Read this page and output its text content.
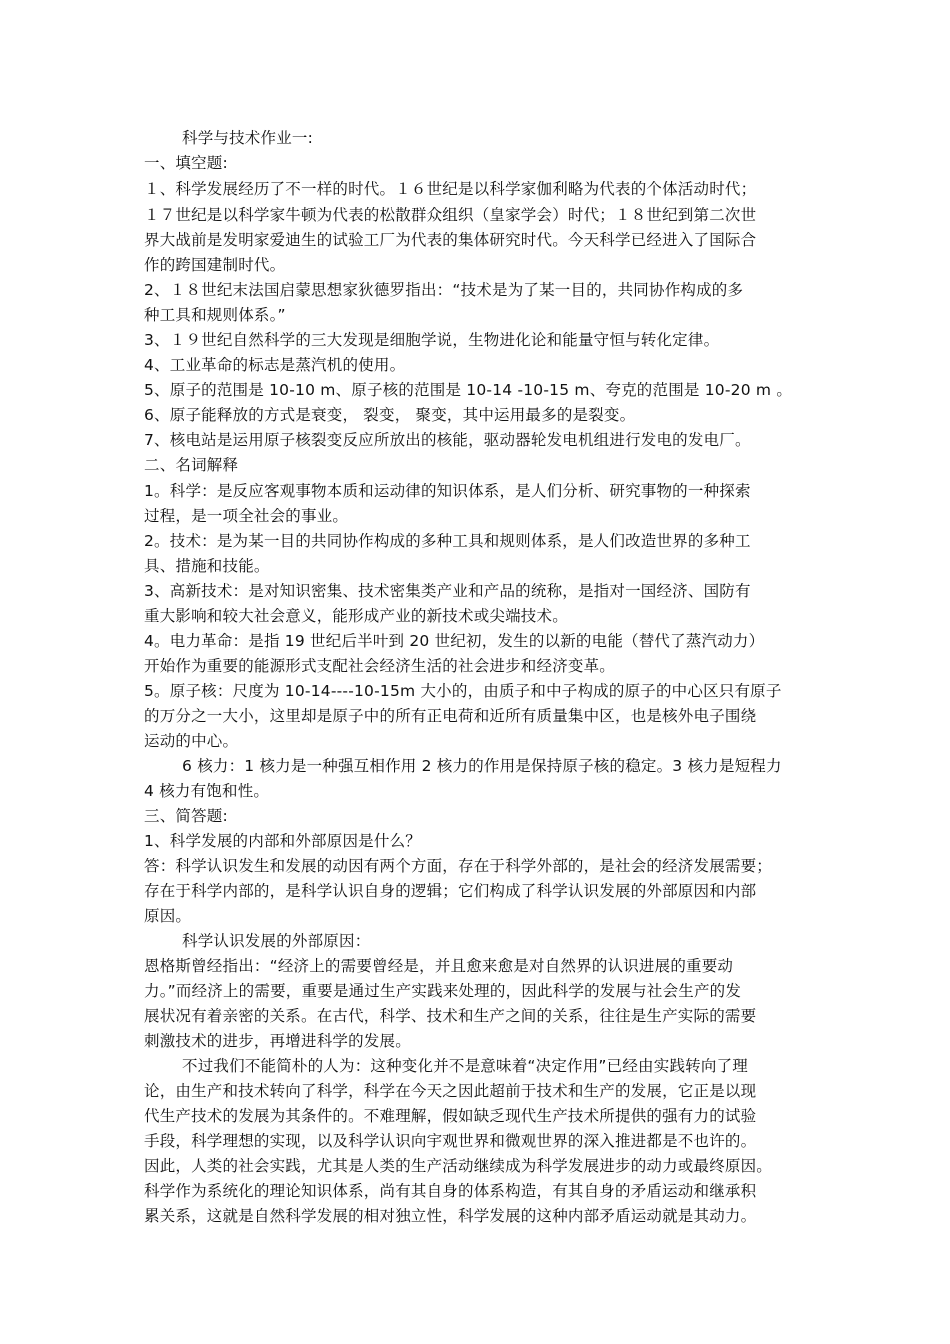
科学与技术作业一:
一、填空题:
１、科学发展经历了不一样的时代。１６世纪是以科学家伽利略为代表的个体活动时代；
１７世纪是以科学家牛顿为代表的松散群众组织（皇家学会）时代；１８世纪到第二次世
界大战前是发明家爱迪生的试验工厂为代表的集体研究时代。今天科学已经进入了国际合
作的跨国建制时代。
2、１８世纪末法国启蒙思想家狄德罗指出：“技术是为了某一目的，共同协作构成的多
种工具和规则体系。”
3、１９世纪自然科学的三大发现是细胞学说，生物进化论和能量守恒与转化定律。
4、工业革命的标志是蒸汽机的使用。
5、原子的范围是 10-10 m、原子核的范围是 10-14 -10-15 m、夸克的范围是 10-20 m 。
6、原子能释放的方式是衰变， 裂变， 聚变，其中运用最多的是裂变。
7、核电站是运用原子核裂变反应所放出的核能，驱动器轮发电机组进行发电的发电厂。
二、名词解释
1。科学：是反应客观事物本质和运动律的知识体系，是人们分析、研究事物的一种探索
过程，是一项全社会的事业。
2。技术：是为某一目的共同协作构成的多种工具和规则体系，是人们改造世界的多种工
具、措施和技能。
3、高新技术：是对知识密集、技术密集类产业和产品的统称，是指对一国经济、国防有
重大影响和较大社会意义，能形成产业的新技术或尖端技术。
4。电力革命：是指 19 世纪后半叶到 20 世纪初，发生的以新的电能（替代了蒸汽动力）
开始作为重要的能源形式支配社会经济生活的社会进步和经济变革。
5。原子核：尺度为 10-14----10-15m 大小的，由质子和中子构成的原子的中心区只有原子
的万分之一大小，这里却是原子中的所有正电荷和近所有质量集中区，也是核外电子围绕
运动的中心。
6 核力：1 核力是一种强互相作用 2 核力的作用是保持原子核的稳定。3 核力是短程力
4 核力有饱和性。
三、简答题:
1、科学发展的内部和外部原因是什么？
答：科学认识发生和发展的动因有两个方面，存在于科学外部的，是社会的经济发展需要；
存在于科学内部的，是科学认识自身的逻辑；它们构成了科学认识发展的外部原因和内部
原因。
科学认识发展的外部原因：
恩格斯曾经指出：“经济上的需要曾经是，并且愈来愈是对自然界的认识进展的重要动
力。”而经济上的需要，重要是通过生产实践来处理的，因此科学的发展与社会生产的发
展状况有着亲密的关系。在古代，科学、技术和生产之间的关系，往往是生产实际的需要
刺激技术的进步，再增进科学的发展。
不过我们不能简朴的人为：这种变化并不是意味着“决定作用”已经由实践转向了理
论，由生产和技术转向了科学，科学在今天之因此超前于技术和生产的发展，它正是以现
代生产技术的发展为其条件的。不难理解，假如缺乏现代生产技术所提供的强有力的试验
手段，科学理想的实现，以及科学认识向宇观世界和微观世界的深入推进都是不也许的。
因此，人类的社会实践，尤其是人类的生产活动继续成为科学发展进步的动力或最终原因。
科学作为系统化的理论知识体系，尚有其自身的体系构造，有其自身的矛盾运动和继承积
累关系，这就是自然科学发展的相对独立性，科学发展的这种内部矛盾运动就是其动力。
